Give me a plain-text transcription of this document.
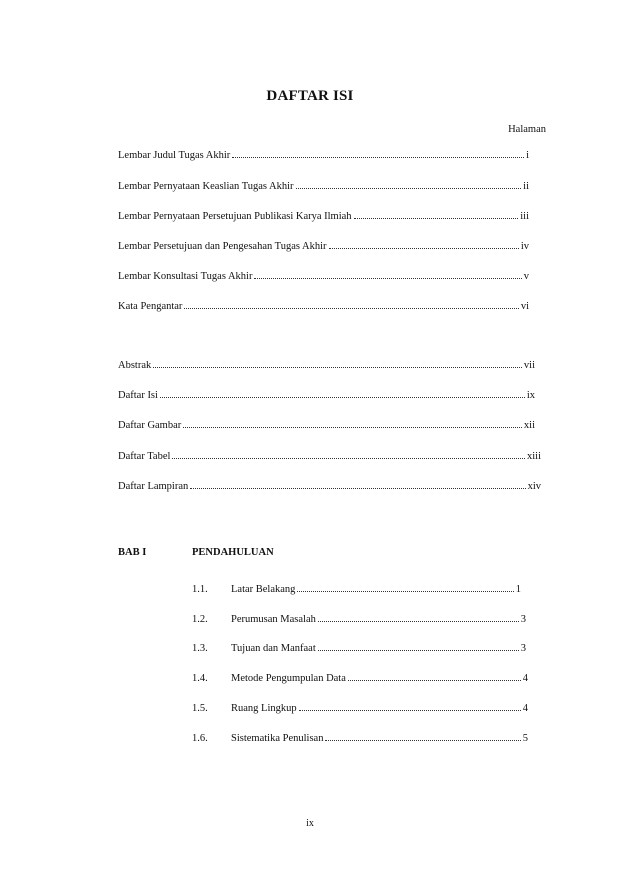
DAFTAR ISI
Halaman
Lembar Judul Tugas Akhir	i
Lembar Pernyataan Keaslian Tugas Akhir	ii
Lembar Pernyataan Persetujuan Publikasi Karya Ilmiah	iii
Lembar Persetujuan dan Pengesahan Tugas Akhir	iv
Lembar Konsultasi Tugas Akhir	v
Kata Pengantar	vi
Abstrak	vii
Daftar Isi	ix
Daftar Gambar	xii
Daftar Tabel	xiii
Daftar Lampiran	xiv
BAB I	PENDAHULUAN
1.1. Latar Belakang	1
1.2. Perumusan Masalah	3
1.3. Tujuan dan Manfaat	3
1.4. Metode Pengumpulan Data	4
1.5. Ruang Lingkup	4
1.6. Sistematika Penulisan	5
ix
